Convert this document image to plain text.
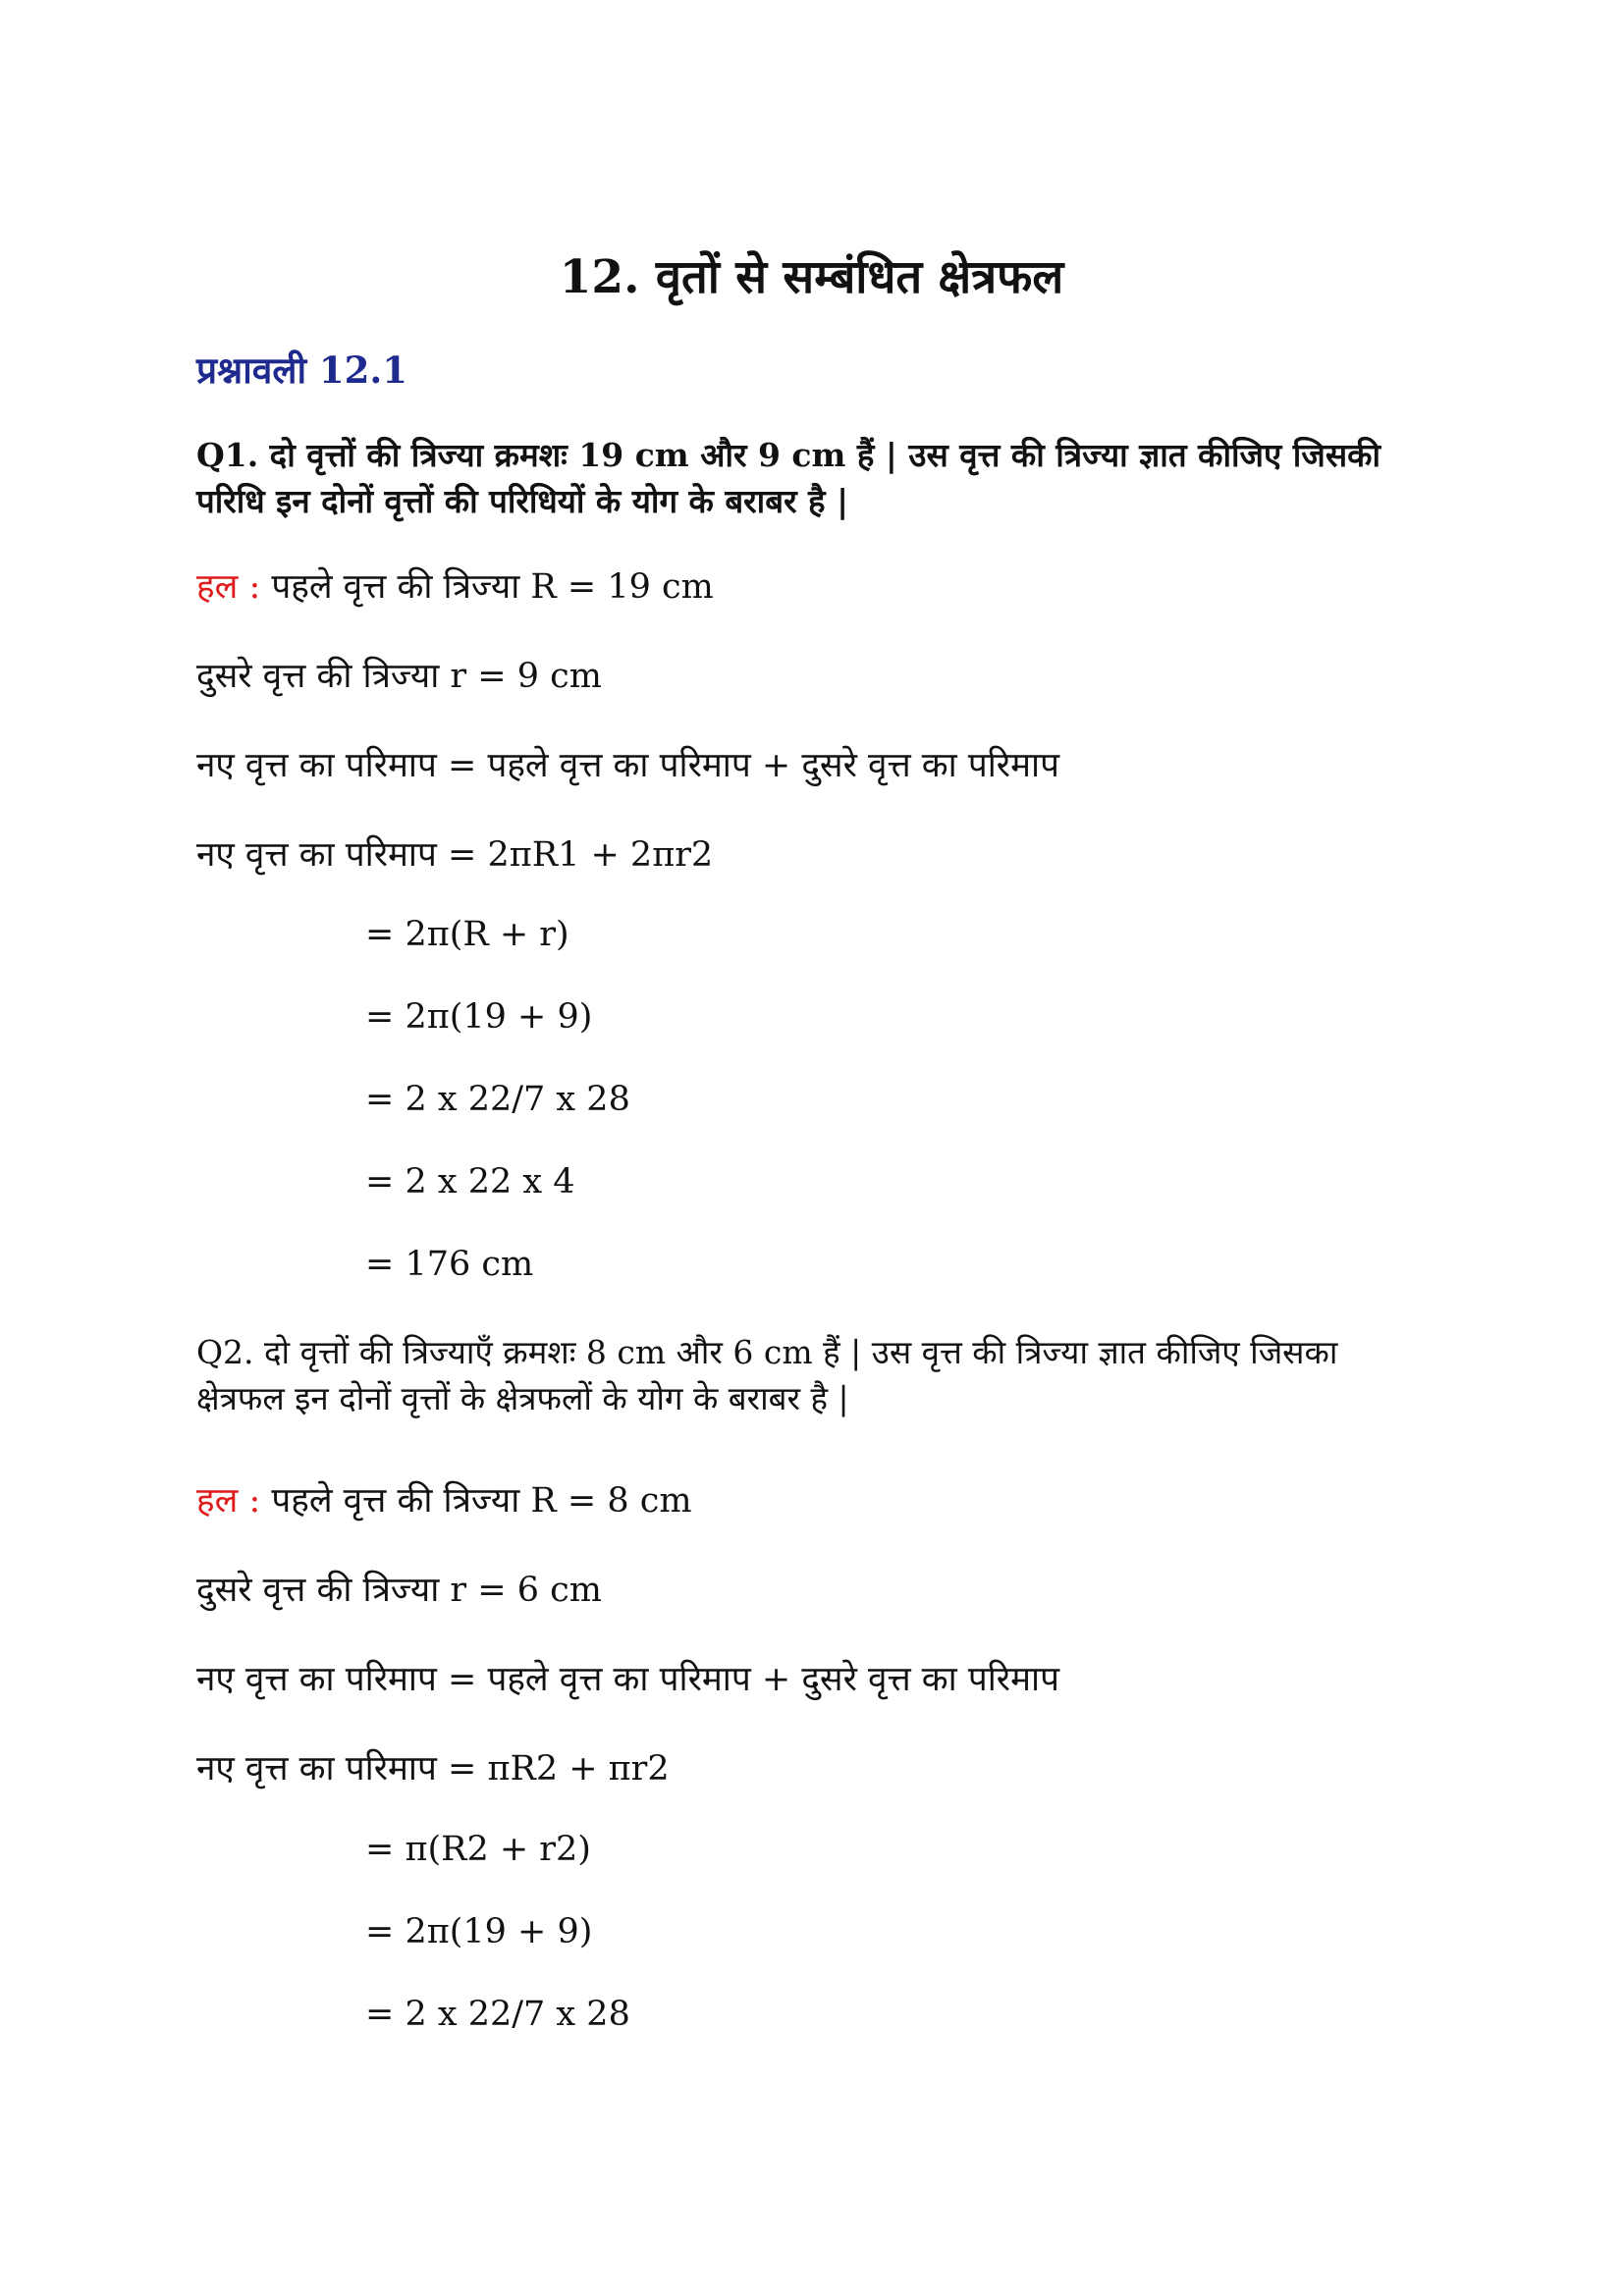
12. वृतों से सम्बंधित क्षेत्रफल
प्रश्नावली 12.1
Q1. दो वृत्तों की त्रिज्या क्रमशः 19 cm और 9 cm हैं | उस वृत्त की त्रिज्या ज्ञात कीजिए जिसकी परिधि इन दोनों वृत्तों की परिधियों के योग के बराबर है |
हल : पहले वृत्त की त्रिज्या R = 19 cm
दुसरे वृत्त की त्रिज्या r = 9 cm
नए वृत्त का परिमाप = पहले वृत्त का परिमाप + दुसरे वृत्त का परिमाप
नए वृत्त का परिमाप = 2πR1 + 2πr2
= 2π(R + r)
= 2π(19 + 9)
= 2 x 22/7 x 28
= 2 x 22 x 4
= 176 cm
Q2. दो वृत्तों की त्रिज्याएँ क्रमशः 8 cm और 6 cm हैं | उस वृत्त की त्रिज्या ज्ञात कीजिए जिसका क्षेत्रफल इन दोनों वृत्तों के क्षेत्रफलों के योग के बराबर है |
हल : पहले वृत्त की त्रिज्या R = 8 cm
दुसरे वृत्त की त्रिज्या r = 6 cm
नए वृत्त का परिमाप = पहले वृत्त का परिमाप + दुसरे वृत्त का परिमाप
नए वृत्त का परिमाप = πR2 + πr2
= π(R2 + r2)
= 2π(19 + 9)
= 2 x 22/7 x 28
